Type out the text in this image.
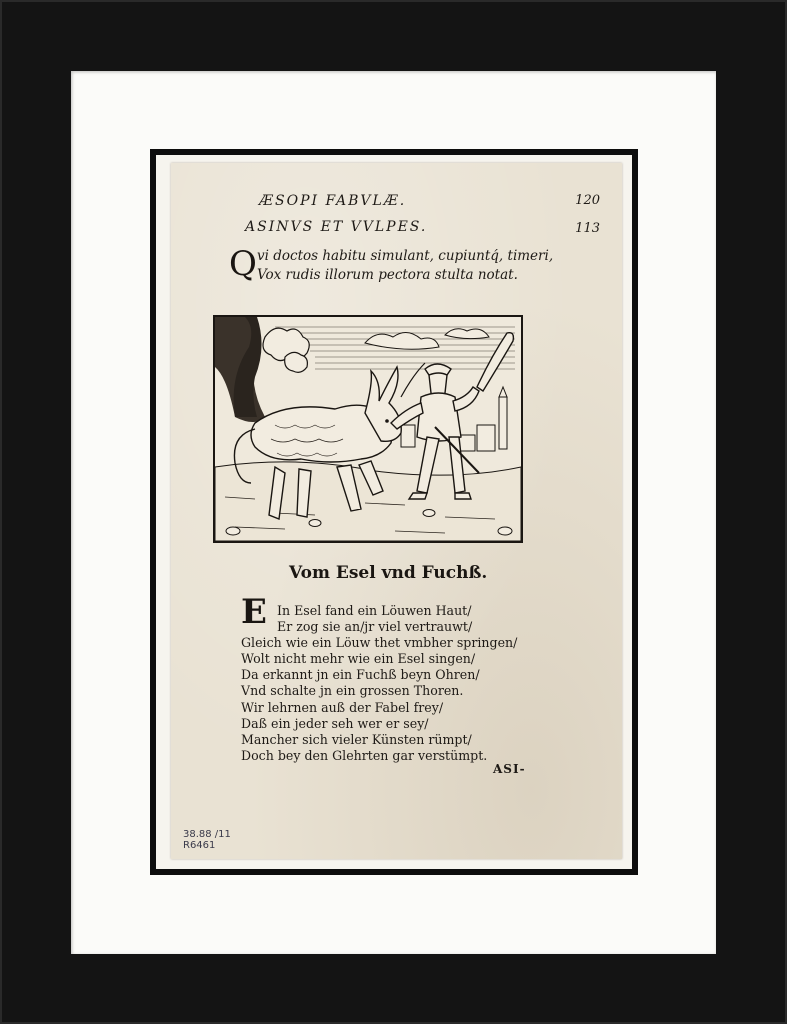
ÆSOPI FABVLÆ.	120
ASINVS ET VVLPES.	113
Q vi doctos habitu simulant, cupiuntq́, timeri,
Vox rudis illorum pectora stulta notat.
Vom Esel vnd Fuchß.
E In Esel fand ein Löuwen Haut/
Er zog sie an/jr viel vertrauwt/
Gleich wie ein Löuw thet vmbher springen/
Wolt nicht mehr wie ein Esel singen/
Da erkannt jn ein Fuchß beyn Ohren/
Vnd schalte jn ein grossen Thoren.
Wir lehrnen auß der Fabel frey/
Daß ein jeder seh wer er sey/
Mancher sich vieler Künsten rümpt/
Doch bey den Glehrten gar verstümpt.
ASI-
38.88 /11
R6461
